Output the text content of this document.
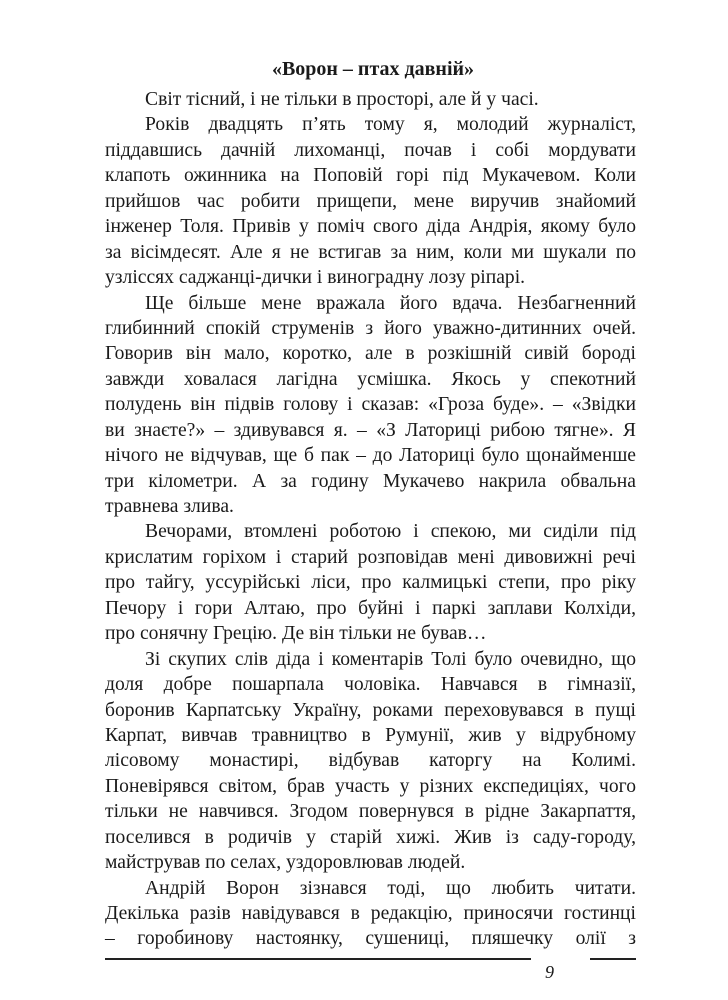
«Ворон – птах давній»
Світ тісний, і не тільки в просторі, але й у часі.
Років двадцять п’ять тому я, молодий журналіст,
піддавшись дачній лихоманці, почав і собі мордувати
клапоть ожинника на Поповій горі під Мукачевом. Коли
прийшов час робити прищепи, мене виручив знайомий
інженер Толя. Привів у поміч свого діда Андрія, якому було
за вісімдесят. Але я не встигав за ним, коли ми шукали по
узліссях саджанці-дички і виноградну лозу ріпарі.
Ще більше мене вражала його вдача. Незбагненний
глибинний спокій струменів з його уважно-дитинних очей.
Говорив він мало, коротко, але в розкішній сивій бороді
завжди ховалася лагідна усмішка. Якось у спекотний
полудень він підвів голову і сказав: «Гроза буде». – «Звідки
ви знаєте?» – здивувався я. – «З Латориці рибою тягне». Я
нічого не відчував, ще б пак – до Латориці було щонайменше
три кілометри. А за годину Мукачево накрила обвальна
травнева злива.
Вечорами, втомлені роботою і спекою, ми сиділи під
крислатим горіхом і старий розповідав мені дивовижні речі
про тайгу, уссурійські ліси, про калмицькі степи, про ріку
Печору і гори Алтаю, про буйні і паркі заплави Колхіди,
про сонячну Грецію. Де він тільки не бував…
Зі скупих слів діда і коментарів Толі було очевидно, що
доля добре пошарпала чоловіка. Навчався в гімназії,
боронив Карпатську Україну, роками переховувався в пущі
Карпат, вивчав травництво в Румунії, жив у відрубному
лісовому монастирі, відбував каторгу на Колимі.
Поневірявся світом, брав участь у різних експедиціях, чого
тільки не навчився. Згодом повернувся в рідне Закарпаття,
поселився в родичів у старій хижі. Жив із саду-городу,
майстрував по селах, уздоровлював людей.
Андрій Ворон зізнався тоді, що любить читати.
Декілька разів навідувався в редакцію, приносячи гостинці
– горобинову настоянку, сушениці, пляшечку олії з
9
